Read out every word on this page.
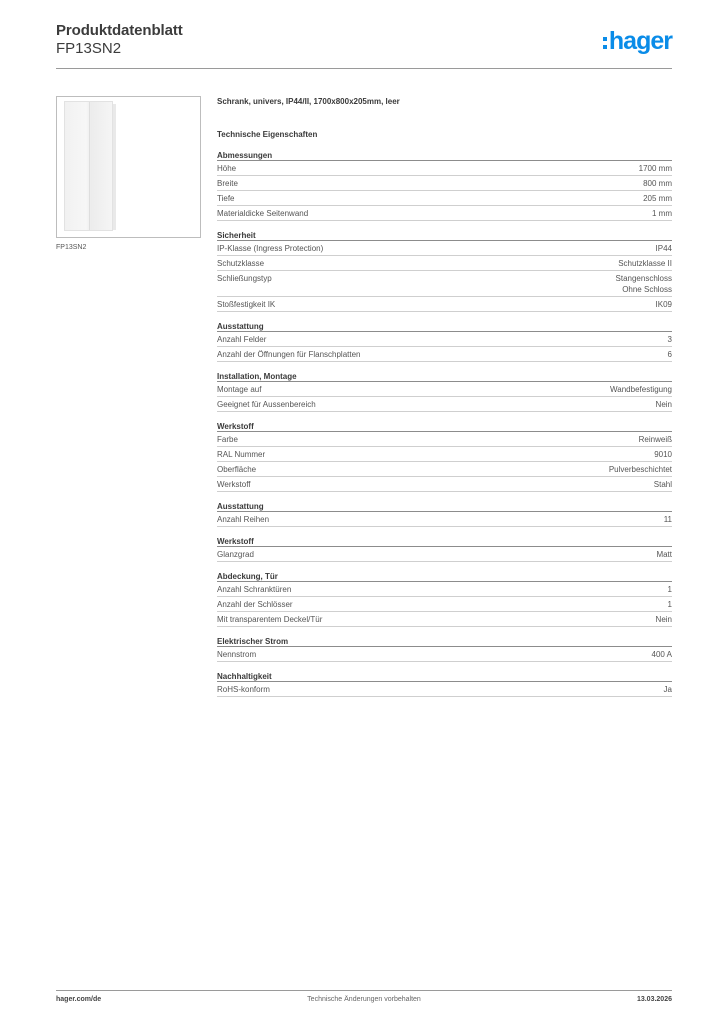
Produktdatenblatt
FP13SN2	hager
FP13SN2
Schrank, univers, IP44/II, 1700x800x205mm, leer
Technische Eigenschaften
Abmessungen
Höhe	1700 mm
Breite	800 mm
Tiefe	205 mm
Materialdicke Seitenwand	1 mm
Sicherheit
IP-Klasse (Ingress Protection)	IP44
Schutzklasse	Schutzklasse II
Schließungstyp	Stangenschloss
Ohne Schloss
Stoßfestigkeit IK	IK09
Ausstattung
Anzahl Felder	3
Anzahl der Öffnungen für Flanschplatten	6
Installation, Montage
Montage auf	Wandbefestigung
Geeignet für Aussenbereich	Nein
Werkstoff
Farbe	Reinweiß
RAL Nummer	9010
Oberfläche	Pulverbeschichtet
Werkstoff	Stahl
Ausstattung
Anzahl Reihen	11
Werkstoff
Glanzgrad	Matt
Abdeckung, Tür
Anzahl Schranktüren	1
Anzahl der Schlösser	1
Mit transparentem Deckel/Tür	Nein
Elektrischer Strom
Nennstrom	400 A
Nachhaltigkeit
RoHS-konform	Ja
hager.com/de	Technische Änderungen vorbehalten	13.03.2026
